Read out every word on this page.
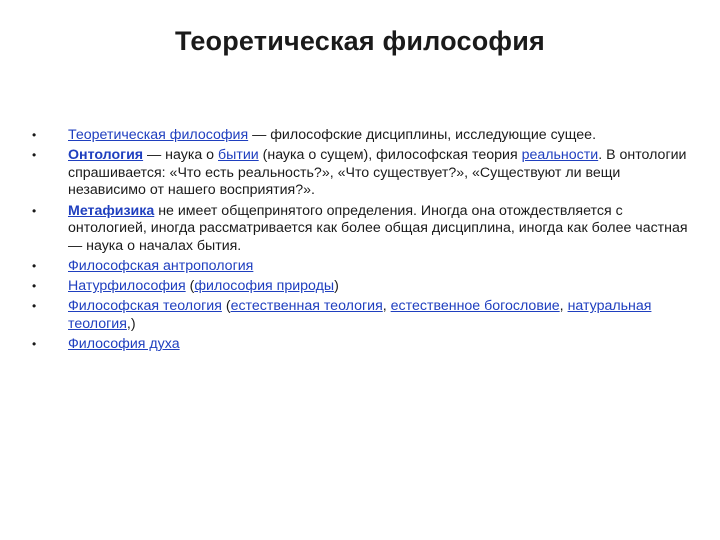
Теоретическая философия
• Теоретическая философия — философские дисциплины, исследующие сущее.
• Онтология — наука о бытии (наука о сущем), философская теория реальности. В онтологии спрашивается: «Что есть реальность?», «Что существует?», «Существуют ли вещи независимо от нашего восприятия?».
• Метафизика не имеет общепринятого определения. Иногда она отождествляется с онтологией, иногда рассматривается как более общая дисциплина, иногда как более частная — наука о началах бытия.
• Философская антропология
• Натурфилософия (философия природы)
• Философская теология (естественная теология, естественное богословие, натуральная теология,)
• Философия духа
